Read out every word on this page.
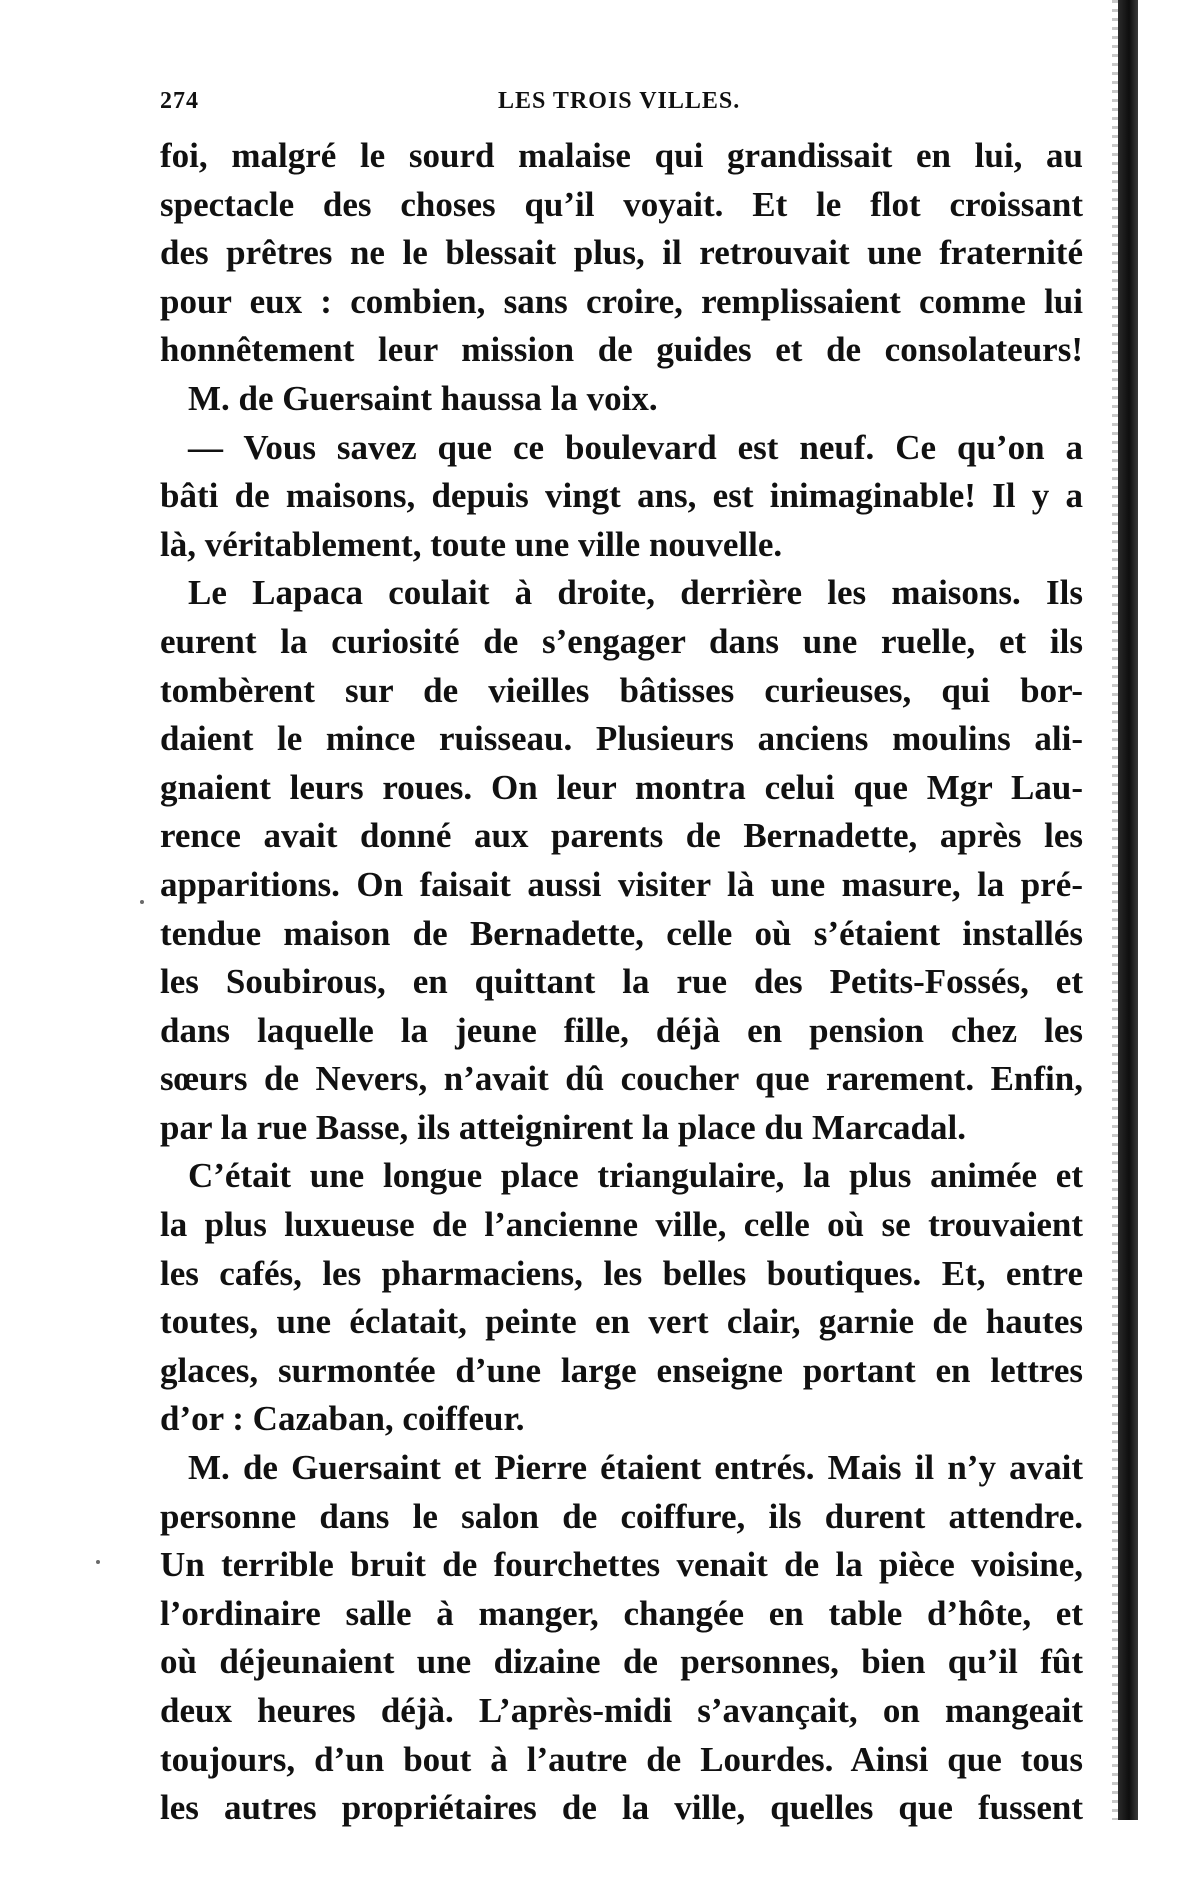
274	LES TROIS VILLES.
foi, malgré le sourd malaise qui grandissait en lui, au
spectacle des choses qu’il voyait. Et le flot croissant
des prêtres ne le blessait plus, il retrouvait une fraternité
pour eux : combien, sans croire, remplissaient comme lui
honnêtement leur mission de guides et de consolateurs!
M. de Guersaint haussa la voix.
— Vous savez que ce boulevard est neuf. Ce qu’on a
bâti de maisons, depuis vingt ans, est inimaginable! Il y a
là, véritablement, toute une ville nouvelle.
Le Lapaca coulait à droite, derrière les maisons. Ils
eurent la curiosité de s’engager dans une ruelle, et ils
tombèrent sur de vieilles bâtisses curieuses, qui bor-
daient le mince ruisseau. Plusieurs anciens moulins ali-
gnaient leurs roues. On leur montra celui que Mgr Lau-
rence avait donné aux parents de Bernadette, après les
apparitions. On faisait aussi visiter là une masure, la pré-
tendue maison de Bernadette, celle où s’étaient installés
les Soubirous, en quittant la rue des Petits-Fossés, et
dans laquelle la jeune fille, déjà en pension chez les
sœurs de Nevers, n’avait dû coucher que rarement. Enfin,
par la rue Basse, ils atteignirent la place du Marcadal.
C’était une longue place triangulaire, la plus animée et
la plus luxueuse de l’ancienne ville, celle où se trouvaient
les cafés, les pharmaciens, les belles boutiques. Et, entre
toutes, une éclatait, peinte en vert clair, garnie de hautes
glaces, surmontée d’une large enseigne portant en lettres
d’or : Cazaban, coiffeur.
M. de Guersaint et Pierre étaient entrés. Mais il n’y avait
personne dans le salon de coiffure, ils durent attendre.
Un terrible bruit de fourchettes venait de la pièce voisine,
l’ordinaire salle à manger, changée en table d’hôte, et
où déjeunaient une dizaine de personnes, bien qu’il fût
deux heures déjà. L’après-midi s’avançait, on mangeait
toujours, d’un bout à l’autre de Lourdes. Ainsi que tous
les autres propriétaires de la ville, quelles que fussent
